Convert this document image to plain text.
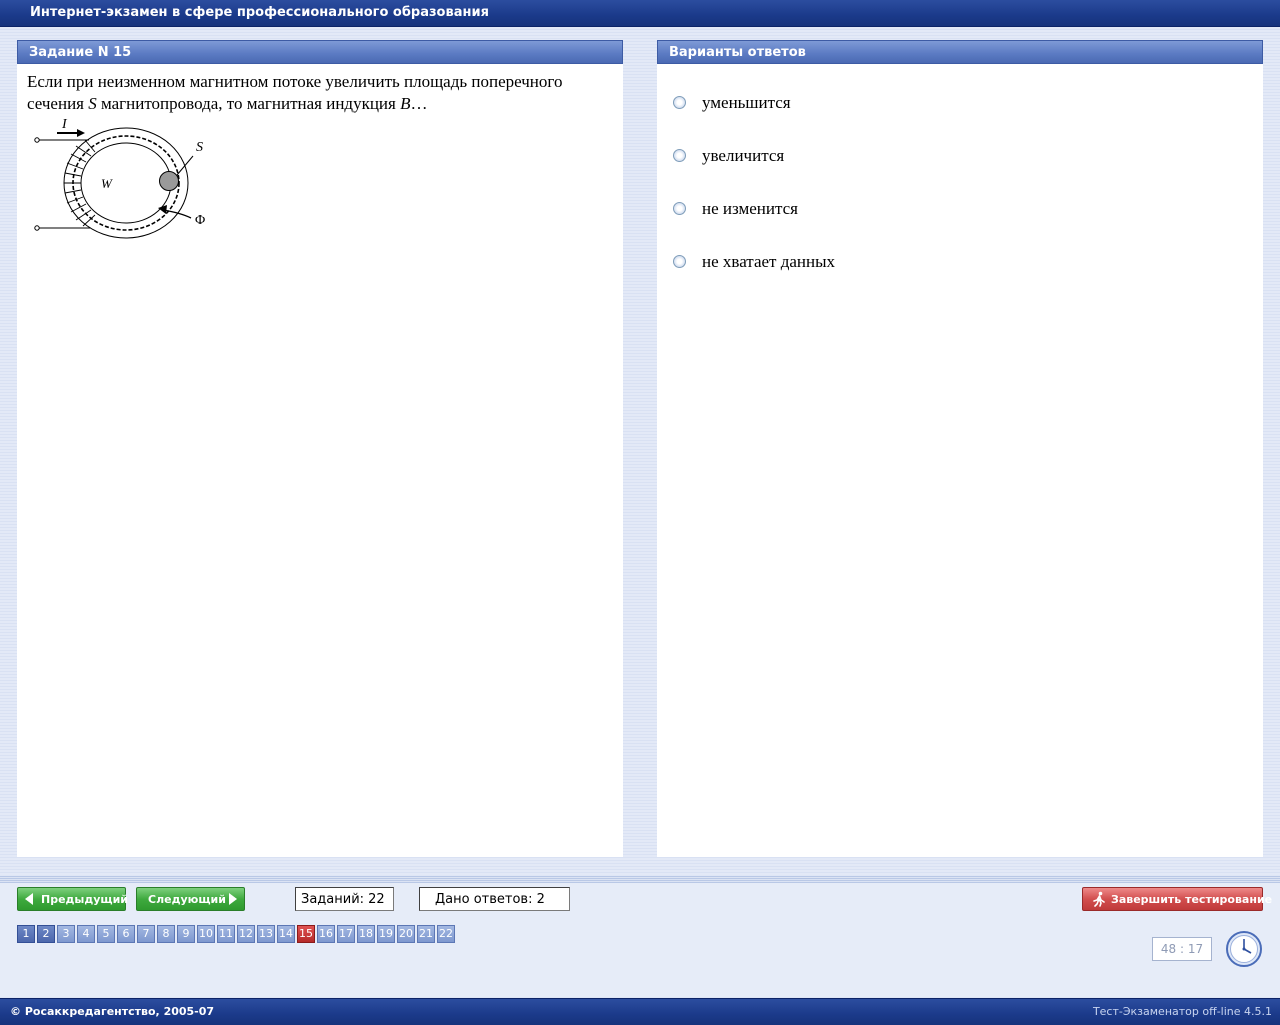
Интернет-экзамен в сфере профессионального образования
Задание N 15
Если при неизменном магнитном потоке увеличить площадь поперечного сечения S магнитопровода, то магнитная индукция B…
I
W
S
Φ
Варианты ответов
уменьшится
увеличится
не изменится
не хватает данных
Предыдущий Следующий	Заданий: 22	Дано ответов: 2	Завершить тестирование
1	2	3	4	5	6	7	8	9 10 11 12 13 14 15 16 17 18 19 20 21 22
48 : 17
© Росаккредагентство, 2005-07	Тест-Экзаменатор off-line 4.5.1
